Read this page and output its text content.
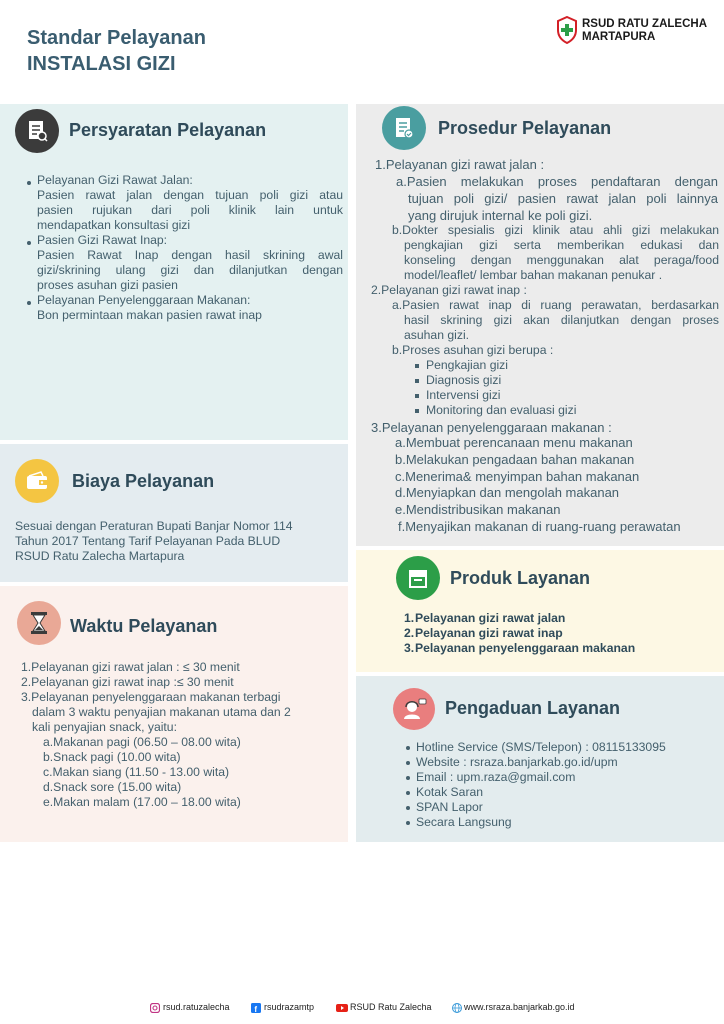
Standar Pelayanan
INSTALASI GIZI
RSUD RATU ZALECHA
MARTAPURA
Persyaratan Pelayanan
Pelayanan Gizi Rawat Jalan:
Pasien rawat jalan dengan tujuan poli gizi atau
pasien rujukan dari poli klinik lain untuk
mendapatkan konsultasi gizi
Pasien Gizi Rawat Inap:
Pasien Rawat Inap dengan hasil skrining awal
gizi/skrining ulang gizi dan dilanjutkan dengan
proses asuhan gizi pasien
Pelayanan Penyelenggaraan Makanan:
Bon permintaan makan pasien rawat inap
Biaya Pelayanan
Sesuai dengan Peraturan Bupati Banjar Nomor 114
Tahun 2017 Tentang Tarif Pelayanan Pada BLUD
RSUD Ratu Zalecha Martapura
Waktu Pelayanan
1.Pelayanan gizi rawat jalan : ≤ 30 menit
2.Pelayanan gizi rawat inap :≤ 30 menit
3.Pelayanan penyelenggaraan makanan terbagi
dalam 3 waktu penyajian makanan utama dan 2
kali penyajian snack, yaitu:
a.Makanan pagi (06.50 – 08.00 wita)
b.Snack pagi (10.00 wita)
c.Makan siang (11.50 - 13.00 wita)
d.Snack sore (15.00 wita)
e.Makan malam (17.00 – 18.00 wita)
Prosedur Pelayanan
1.Pelayanan gizi rawat jalan :
a.Pasien melakukan proses pendaftaran dengan
tujuan poli gizi/ pasien rawat jalan poli lainnya
yang dirujuk internal ke poli gizi.
b.Dokter spesialis gizi klinik atau ahli gizi melakukan
pengkajian gizi serta memberikan edukasi dan
konseling dengan menggunakan alat peraga/food
model/leaflet/ lembar bahan makanan penukar .
2.Pelayanan gizi rawat inap :
a.Pasien rawat inap di ruang perawatan, berdasarkan
hasil skrining gizi akan dilanjutkan dengan proses
asuhan gizi.
b.Proses asuhan gizi berupa :
Pengkajian gizi
Diagnosis gizi
Intervensi gizi
Monitoring dan evaluasi gizi
3.Pelayanan penyelenggaraan makanan :
a.Membuat perencanaan menu makanan
b.Melakukan pengadaan bahan makanan
c.Menerima& menyimpan bahan makanan
d.Menyiapkan dan mengolah makanan
e.Mendistribusikan makanan
f.Menyajikan makanan di ruang-ruang perawatan
Produk Layanan
1.
2.
3.
Pelayanan gizi rawat jalan
Pelayanan gizi rawat inap
Pelayanan penyelenggaraan makanan
Pengaduan Layanan
Hotline Service (SMS/Telepon) : 08115133095
Website : rsraza.banjarkab.go.id/upm
Email : upm.raza@gmail.com
Kotak Saran
SPAN Lapor
Secara Langsung
rsud.ratuzalecha	f rsudrazamtp	RSUD Ratu Zalecha	www.rsraza.banjarkab.go.id
